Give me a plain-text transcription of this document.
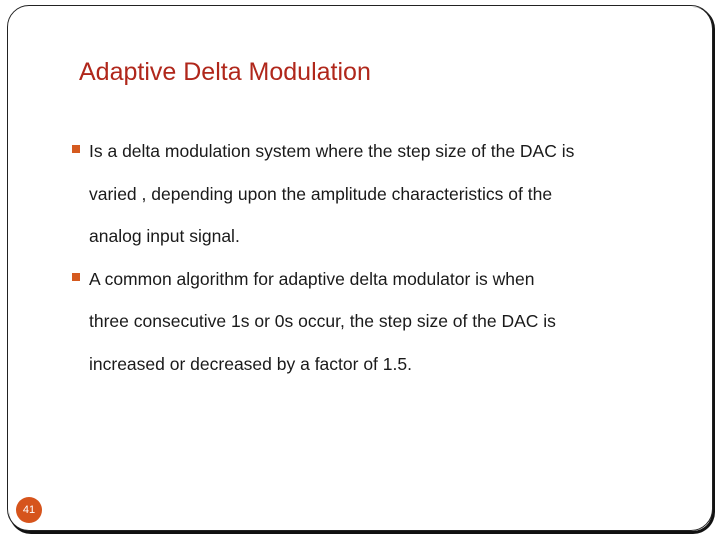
Adaptive Delta Modulation
Is a delta modulation system where the step size of the DAC is
varied , depending upon the amplitude characteristics of the
analog input signal.
A common algorithm for adaptive delta modulator is when
three consecutive 1s or 0s occur, the step size of the DAC is
increased or decreased by a factor of 1.5.
41
